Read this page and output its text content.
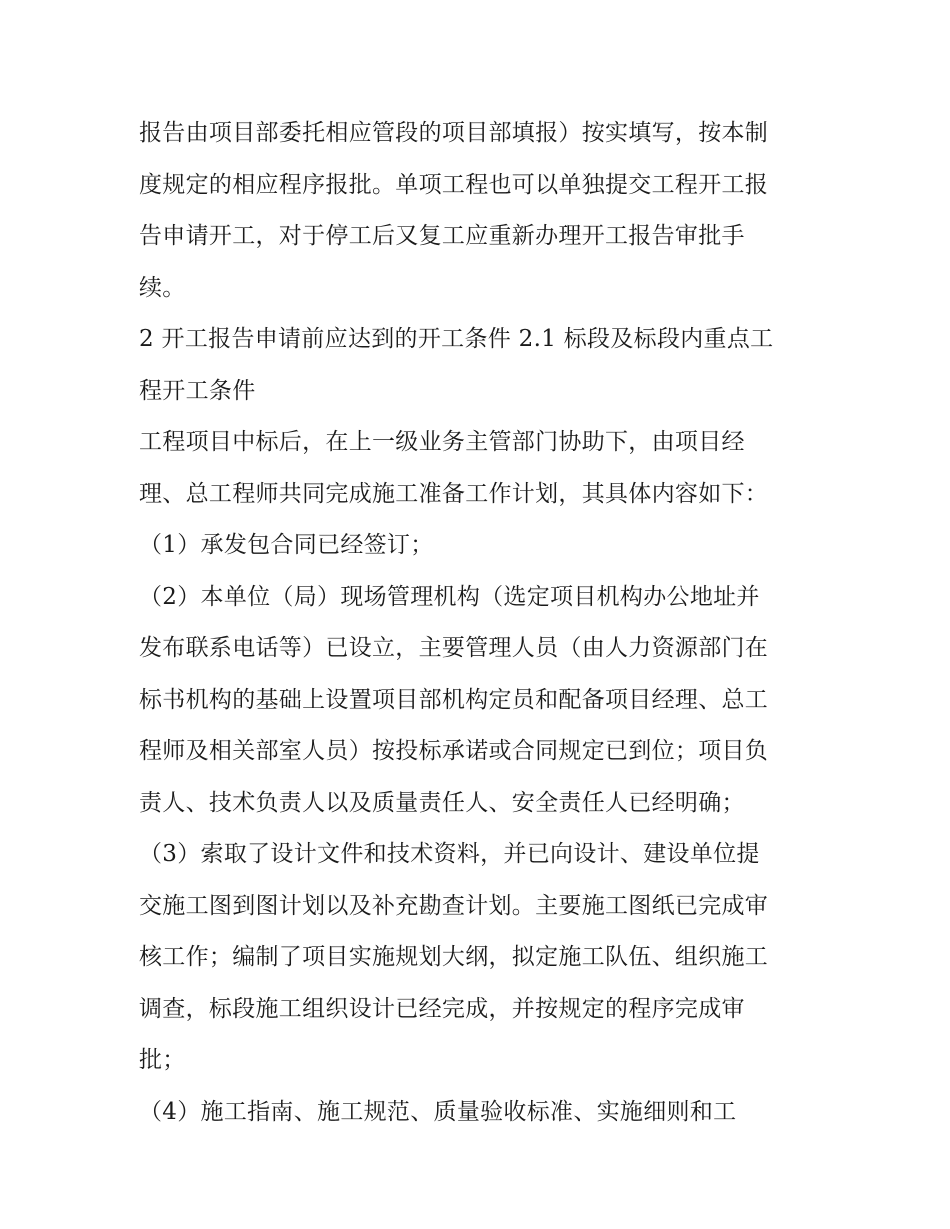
报告由项目部委托相应管段的项目部填报）按实填写，按本制
度规定的相应程序报批。单项工程也可以单独提交工程开工报
告申请开工，对于停工后又复工应重新办理开工报告审批手
续。
2 开工报告申请前应达到的开工条件 2.1 标段及标段内重点工
程开工条件
工程项目中标后，在上一级业务主管部门协助下，由项目经
理、总工程师共同完成施工准备工作计划，其具体内容如下：
（1）承发包合同已经签订；
（2）本单位（局）现场管理机构（选定项目机构办公地址并
发布联系电话等）已设立，主要管理人员（由人力资源部门在
标书机构的基础上设置项目部机构定员和配备项目经理、总工
程师及相关部室人员）按投标承诺或合同规定已到位；项目负
责人、技术负责人以及质量责任人、安全责任人已经明确；
（3）索取了设计文件和技术资料，并已向设计、建设单位提
交施工图到图计划以及补充勘查计划。主要施工图纸已完成审
核工作；编制了项目实施规划大纲，拟定施工队伍、组织施工
调查，标段施工组织设计已经完成，并按规定的程序完成审
批；
（4）施工指南、施工规范、质量验收标准、实施细则和工
